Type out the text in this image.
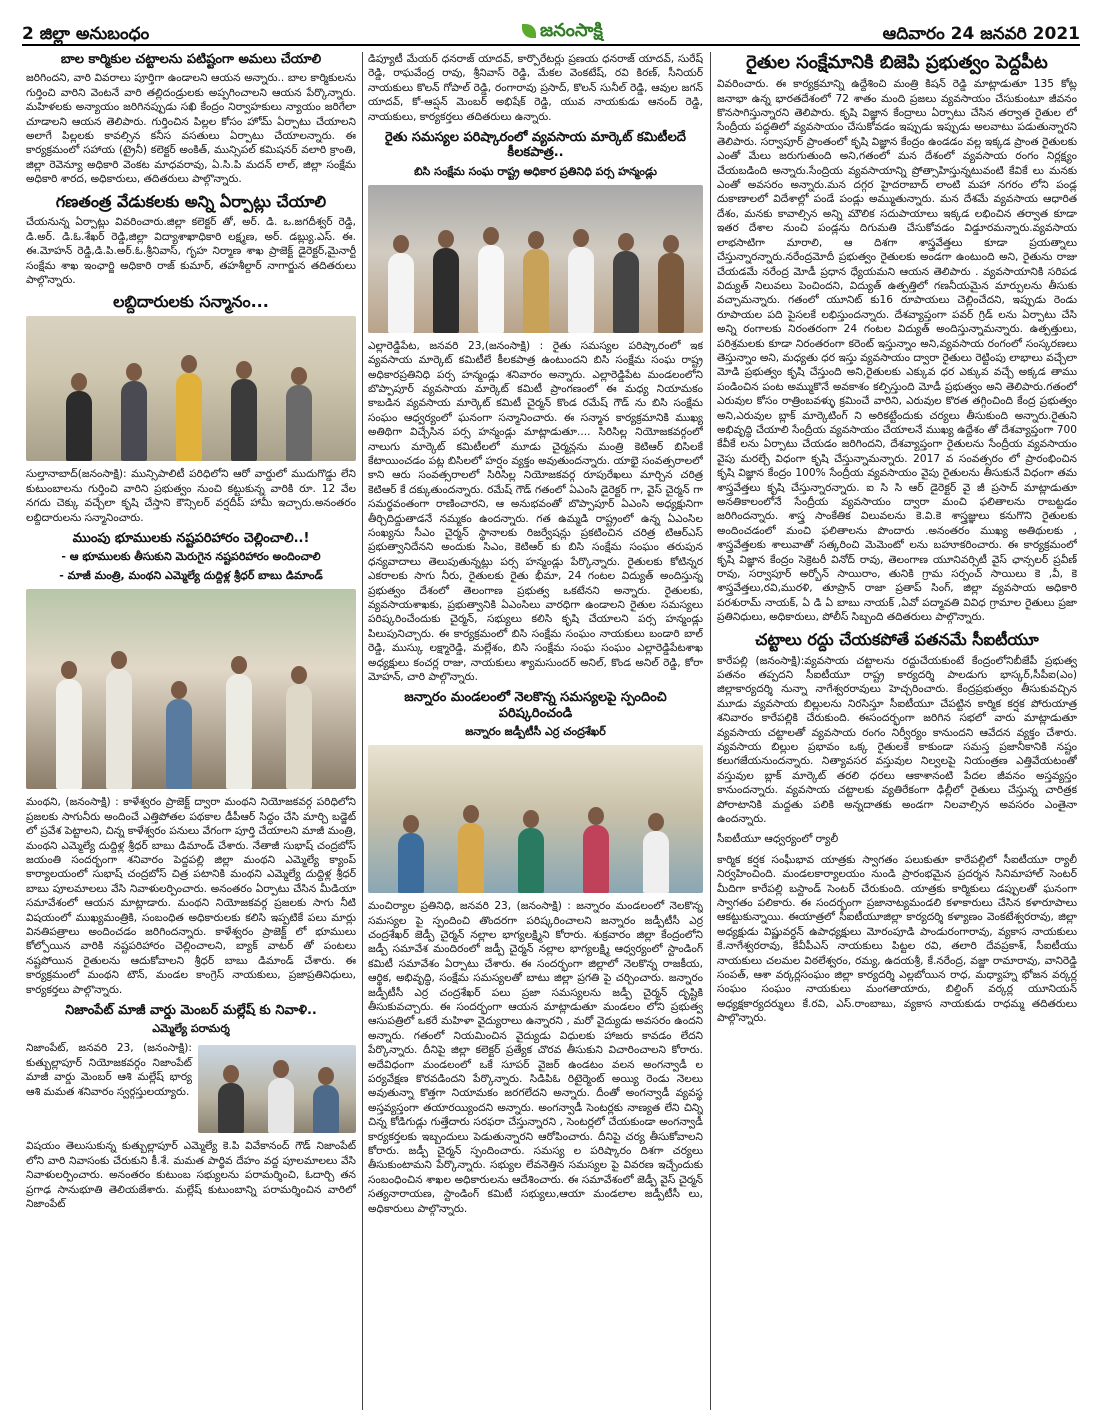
2 జిల్లా అనుబంధం	జనంసాక్షి	ఆదివారం 24 జనవరి 2021
బాల కార్మికుల చట్టాలను పటిష్టంగా అమలు చేయాలి
జరిగిందని, వారి వివరాలు పూర్తిగా ఉండాలని ఆయన అన్నారు.. బాల కార్మికులను గుర్తించి వారిని వెంటనే వారి తల్లిదండ్రులకు అప్పగించాలని ఆయన పేర్కొన్నారు. మహిళలకు అన్యాయం జరిగినప్పుడు సఖి కేంద్రం నిర్వాహకులు న్యాయం జరిగేలా చూడాలని ఆయన తెలిపారు. గుర్తించిన పిల్లల కోసం హోమ్ ఏర్పాటు చేయాలని అలాగే పిల్లలకు కావల్సిన కనీస వసతులు ఏర్పాటు చేయాలన్నారు. ఈ కార్యక్రమంలో సహాయ (ట్రైనీ) కలెక్టర్ అంకిత్, మున్సిపల్ కమిషనర్ వలారి క్రాంతి, జిల్లా రెవెన్యూ అధికారి వెంకట మాధవరావు, ఏ.సి.పి మదన్ లాల్, జిల్లా సంక్షేమ అధికారి శారద, అధికారులు, తదితరులు పాల్గొన్నారు.
గణతంత్ర వేడుకలకు అన్ని ఏర్పాట్లు చేయాలి
చేయనున్న ఏర్పాట్లు వివరించారు.జిల్లా కలెక్టర్ తో, అర్. డి. ఒ.జగదీశ్వర్ రెడ్డి, డి.అర్. డి.ఓ.శేఖర్ రెడ్డి,జిల్లా విద్యాశాఖాధికారి లక్ష్మణ, అర్. డబ్ల్యు.ఎస్. ఈ. ఈ.మోహన్ రెడ్డి,డి.పి.అర్.ఓ.శ్రీనివాస్, గృహ నిర్మాణ శాఖ ప్రాజెక్ట్ డైరెక్టర్,మైనార్టీ సంక్షేమ శాఖ ఇంఛార్జి అధికారి రాజ్ కుమార్, తహశీల్దార్ నాగార్జున తదితరులు పాల్గొన్నారు.
లబ్దిదారులకు సన్మానం...
సుల్తానాబాద్(జనంసాక్షి): మున్సిపాలిటీ పరిధిలోని ఆరో వార్డులో ముదుగొడ్డు లేని కుటుంబాలను గుర్తించి వారిని ప్రభుత్వం నుంచి కట్టుకున్న వారికి రూ. 12 వేల నగదు చెక్కు వచ్చేలా కృషి చేస్తాని కౌన్సిలర్ వర్షదీప్ హామీ ఇచ్చారు.అనంతరం లబ్దిదారులను సన్మానించారు.
ముంపు భూములకు నష్టపరిహారం చెల్లించాలి..!
- ఆ భూములకు తీసుకుని మెరుగైన నష్టపరిహారం అందించాలి
- మాజీ మంత్రి, మంథని ఎమ్మెల్యే దుద్దిళ్ల శ్రీధర్ బాబు డిమాండ్
మంథని, (జనంసాక్షి) : కాళేశ్వరం ప్రాజెక్ట్ ద్వారా మంథని నియోజకవర్గ పరిధిలోని ప్రజలకు సాగునీరు అందించే ఎత్తిపోతల పథకాల డీపీఆర్ సిద్ధం చేసి మార్చి బడ్జెట్ లో ప్రవేశ పెట్టాలని, చిన్న కాళేశ్వరం పనులు వేగంగా పూర్తి చేయాలని మాజీ మంత్రి, మంథని ఎమ్మెల్యే దుద్దిళ్ల శ్రీధర్ బాబు డిమాండ్ చేశారు. నేతాజీ సుభాష్ చంద్రబోస్ జయంతి సందర్భంగా శనివారం పెద్దపల్లి జిల్లా మంథని ఎమ్మెల్యే క్యాంప్ కార్యాలయంలో సుభాష్ చంద్రబోస్ చిత్ర పటానికి మంథని ఎమ్మెల్యే దుద్దిళ్ల శ్రీధర్ బాబు పూలమాలలు వేసి నివాళులర్పించారు. అనంతరం ఏర్పాటు చేసిన మీడియా సమావేశంలో ఆయన మాట్లాడారు. మంథని నియోజకవర్గ ప్రజలకు సాగు నీటి విషయంలో ముఖ్యమంత్రికి, సంబంధిత అధికారులకు కలిసి ఇప్పటికే పలు మార్లు వినతిపత్రాలు అందించడం జరిగిందన్నారు. కాళేశ్వరం ప్రాజెక్ట్ లో భూములు కోల్పోయిన వారికి నష్టపరిహారం చెల్లించాలని, బ్యాక్ వాటర్ తో పంటలు నష్టపోయిన రైతులను ఆదుకోవాలని శ్రీధర్ బాబు డిమాండ్ చేశారు. ఈ కార్యక్రమంలో మంథని టౌన్, మండల కాంగ్రెస్ నాయకులు, ప్రజాప్రతినిధులు, కార్యకర్తలు పాల్గొన్నారు.
నిజాంపేట్ మాజీ వార్డు మెంబర్ మల్లేష్ కు నివాళి..
ఎమ్మెల్యే పరామర్శ
నిజాంపేట్, జనవరి 23, (జనంసాక్షి): కుత్బుల్లాపూర్ నియోజకవర్గం నిజాంపేట్ మాజీ వార్డు మెంబర్ ఆశి మల్లేష్ భార్య ఆశి మమత శనివారం స్వర్గస్తులయ్యారు.
విషయం తెలుసుకున్న కుత్బుల్లాపూర్ ఎమ్మెల్యే కె.పి వివేకానంద్ గౌడ్ నిజాంపేట్ లోని వారి నివాసంకు చేరుకుని కీ.శే. మమత పార్థివ దేహం వద్ద పూలమాలలు వేసి నివాళులర్పించారు. అనంతరం కుటుంబ సభ్యులను పరామర్శించి, ఓదార్చి తన ప్రగాఢ సానుభూతి తెలియజేశారు. మల్లేష్ కుటుంబాన్ని పరామర్శించిన వారిలో నిజాంపేట్
డిప్యూటీ మేయర్ ధనరాజ్ యాదవ్, కార్పొరేటర్లు ప్రణయ ధనరాజ్ యాదవ్, సురేష్ రెడ్డి, రాఘవేంద్ర రావు, శ్రీనివాస్ రెడ్డి, మేకల వెంకటేష్, రవి కిరణ్, సీనియర్ నాయకులు కొలన్ గోపాల్ రెడ్డి, రంగారావు ప్రసాద్, కొలన్ సునీల్ రెడ్డి, ఆవుల జగన్ యాదవ్, కో-ఆప్షన్ మెంబర్ అభిషేక్ రెడ్డి, యువ నాయకుడు ఆనంద్ రెడ్డి, నాయకులు, కార్యకర్తలు తదితరులు ఉన్నారు.
రైతు సమస్యల పరిష్కారంలో వ్యవసాయ మార్కెట్ కమిటీలదే కీలకపాత్ర..
బిసి సంక్షేమ సంఘ రాష్ట్ర అధికార ప్రతినిధి పర్స హన్మండ్లు
ఎల్లారెడ్డిపేట, జనవరి 23,(జనంసాక్షి) : రైతు సమస్యల పరిష్కారంలో ఇక వ్యవసాయ మార్కెట్ కమిటీలే కీలకపాత్ర ఉంటుందని బిసి సంక్షేమ సంఘ రాష్ట్ర అధికారప్రతినిధి పర్స హన్మండ్లు శనివారం అన్నారు. ఎల్లారెడ్డిపేట మండలంలోని బొప్పాపూర్ వ్యవసాయ మార్కెట్ కమిటీ ప్రాంగణంలో ఈ మధ్య నియామకం కాబడిన వ్యవసాయ మార్కెట్ కమిటీ చైర్మన్ కొండ రమేష్ గౌడ్ ను బిసి సంక్షేమ సంఘం ఆధ్వర్యంలో ఘనంగా సన్మానించారు. ఈ సన్మాన కార్యక్రమానికి ముఖ్య అతిథిగా విచ్చేసిన పర్స హన్మండ్లు మాట్లాడుతూ.... సిరిసిల్ల నియోజకవర్గంలో నాలుగు మార్కెట్ కమిటీలలో మూడు చైర్మన్లను మంత్రి కెటిఆర్ బిసిలకే కేటాయించడం పట్ల బిసిలలో హర్షం వ్యక్తం అవుతుందన్నారు. యాభై సంవత్సరాలలో కాని ఆరు సంవత్సరాలలో సిరిసిల్ల నియోజకవర్గ రూపురేఖలు మార్చిన చరిత్ర కెటిఆర్ కే దక్కుతుందన్నారు. రమేష్ గౌడ్ గతంలో ఏఎంసి డైరెక్టర్ గా, వైస్ చైర్మన్ గా సమర్థవంతంగా రాణించారని, ఆ అనుభవంతో బొప్పాపూర్ ఏఎంసి అధ్యక్షునిగా తీర్చిదిద్దుతాడనే నమ్మకం ఉందన్నారు. గత ఉమ్మడి రాష్ట్రంలో ఉన్న ఏఎంసిల సంఖ్యను సీఎం చైర్మన్ స్థానాలకు రిజర్వేషన్లు ప్రకటించిన చరిత్ర టిఆర్ఎస్ ప్రభుత్వానిదేనని అందుకు సిఎం, కెటిఆర్ కు బిసి సంక్షేమ సంఘం తరుపున ధన్యవాదాలు తెలుపుతున్నట్లు పర్స హన్మండ్లు పేర్కొన్నారు. రైతులకు కోటిన్నర ఎకరాలకు సాగు నీరు, రైతులకు రైతు భీమా, 24 గంటల విద్యుత్ అందిస్తున్న ప్రభుత్వం దేశంలో తెలంగాణ ప్రభుత్వ ఒకటేనని అన్నారు. రైతులకు, వ్యవసాయశాఖకు, ప్రభుత్వానికి ఏఎంసిలు వారధిగా ఉండాలని రైతుల సమస్యలు పరిష్కరించేందుకు చైర్మన్, సభ్యులు కలిసి కృషి చేయాలని పర్స హన్మండ్లు పిలుపునిచ్చారు. ఈ కార్యక్రమంలో బిసి సంక్షేమ సంఘం నాయకులు బండారి బాల్ రెడ్డి, ముస్కు లక్ష్మారెడ్డి, మల్లేశం, బిసి సంక్షేమ సంఘ సంఘం ఎల్లారెడ్డిపేటశాఖ అధ్యక్షులు కంచర్ల రాజు, నాయకులు శ్యామసుందర్ అనిల్, కొండ అనిల్ రెడ్డి, కోరా మోహన్, చారి పాల్గొన్నారు.
జన్నారం మండలంలో నెలకొన్న సమస్యలపై స్పందించి పరిష్కరించండి
జన్నారం జడ్పీటీసీ ఎర్ర చంద్రశేఖర్
మంచిర్యాల ప్రతినిధి, జనవరి 23, (జనంసాక్షి) : జన్నారం మండలంలో నెలకొన్న సమస్యల పై స్పందించి తొందరగా పరిష్కరించాలని జన్నారం జడ్పీటీసీ ఎర్ర చంద్రశేఖర్ జెడ్పీ చైర్మన్ నల్లాల భాగ్యలక్ష్మిని కోరారు. శుక్రవారం జిల్లా కేంద్రంలోని జడ్పీ సమావేశ మందిరంలో జడ్పీ చైర్మన్ నల్లాల భాగ్యలక్ష్మి ఆధ్వర్యంలో స్టాండింగ్ కమిటీ సమావేశం ఏర్పాటు చేశారు. ఈ సందర్భంగా జిల్లాలో నెలకొన్న రాజకీయ, ఆర్థిక, అభివృద్ధి, సంక్షేమ సమస్యలతో బాటు జిల్లా ప్రగతి పై చర్చించారు. జన్నారం జడ్పీటీసీ ఎర్ర చంద్రశేఖర్ పలు ప్రజా సమస్యలను జడ్పీ చైర్మన్ దృష్టికి తీసుకువచ్చారు. ఈ సందర్భంగా ఆయన మాట్లాడుతూ మండలం లోని ప్రభుత్వ ఆసుపత్రిలో ఒకరే మహిళా వైద్యురాలు ఉన్నారని , మరో వైద్యుడు అవసరం ఉందని అన్నారు. గతంలో నియమించిన వైద్యుడు విధులకు హాజరు కావడం లేదని పేర్కొన్నారు. దీనిపై జిల్లా కలెక్టర్ ప్రత్యేక చొరవ తీసుకుని విచారించాలని కోరారు. అదేవిధంగా మండలంలో ఒకే సూపర్ వైజర్ ఉండటం వలన అంగన్వాడీ ల పర్యవేక్షణ కొరవడిందని పేర్కొన్నారు. సిడిపిఓ రిటైర్మెంట్ అయ్యి రెండు నెలలు అవుతున్నా కొత్తగా నియామకం జరగలేదని అన్నారు. దీంతో అంగన్వాడీ వ్యవస్థ అస్తవ్యస్తంగా తయారయ్యిందని అన్నారు. అంగన్వాడీ సెంటర్లకు నాణ్యత లేని చిన్ని చిన్న కోడిగుడ్లు గుత్తేదారు సరఫరా చేస్తున్నారని , సెంటర్లలో చేయకుండా అంగన్వాడీ కార్యకర్తలకు ఇబ్బందులు పెడుతున్నారని ఆరోపించారు. దీనిపై చర్య తీసుకోవాలని కోరారు. జడ్పీ చైర్మన్ స్పందించారు. సమస్య ల పరిష్కారం దిశగా చర్యలు తీసుకుంటామని పేర్కొన్నారు. సభ్యుల లేవనెత్తిన సమస్యల పై వివరణ ఇచ్చేందుకు సంబంధించిన శాఖల అధికారులను ఆదేశించారు. ఈ సమావేశంలో జెడ్పీ వైస్ చైర్మన్ సత్యనారాయణ, స్టాండింగ్ కమిటీ సభ్యులు,ఆయా మండలాల జడ్పీటీసీ లు, అధికారులు పాల్గొన్నారు.
రైతుల సంక్షేమానికి బిజెపి ప్రభుత్వం పెద్దపీట
వివరించారు. ఈ కార్యక్రమాన్ని ఉద్దేశించి మంత్రి కిషన్ రెడ్డి మాట్లాడుతూ 135 కోట్ల జనాభా ఉన్న భారతదేశంలో 72 శాతం మంది ప్రజలు వ్యవసాయం చేసుకుంటూ జీవనం కొనసాగిస్తున్నారని తెలిపారు. కృషి విజ్ఞాన కేంద్రాలు ఏర్పాటు చేసిన తర్వాత రైతుల లో సేంద్రీయ పద్ధతిలో వ్యవసాయం చేసుకోవడం ఇప్పుడు ఇప్పుడు అలవాటు పడుతున్నారని తెలిపారు. సర్వాపూర్ ప్రాంతంలో కృషి విజ్ఞాన కేంద్రం ఉండడం వల్ల ఇక్కడ ప్రాంత రైతులకు ఎంతో మేలు జరుగుతుంది అని,గతంలో మన దేశంలో వ్యవసాయ రంగం నిర్లక్ష్యం చేయబడింది అన్నారు.సేంద్రియ వ్యవసాయాన్ని ప్రోత్సాహిస్తున్నటువంటి కేవికే లు మనకు ఎంతో అవసరం అన్నారు.మన దగ్గర హైదరాబాద్ లాంటి మహా నగరం లోని పండ్ల దుకాణాలలో విదేశాల్లో పండే పండ్లు అమ్ముతున్నారు. మన దేశమే వ్యవసాయ ఆధారిత దేశం, మనకు కావాల్సిన అన్ని మౌలిక సదుపాయాలు ఇక్కడ లభించిన తర్వాత కూడా ఇతర దేశాల నుంచి పండ్లను దిగుమతి చేసుకోవడం విడ్డూరమన్నారు.వ్యవసాయ లాభసాటిగా మారాలి, ఆ దిశగా శాస్త్రవేత్తలు కూడా ప్రయత్నాలు చేస్తున్నారన్నారు.నరేంద్రమోదీ ప్రభుత్వం రైతులకు అండగా ఉంటుంది అని, రైతును రాజు చేయడమే నరేంద్ర మోడీ ప్రధాన ధ్యేయమని ఆయన తెలిపారు . వ్యవసాయానికి సరిపడ విద్యుత్ నిలువలు పెంచిందని, విద్యుత్ ఉత్పత్తిలో గణనీయమైన మార్పులను తీసుకు వచ్చామన్నారు. గతంలో యూనిట్ కు16 రూపాయలు చెల్లించేదని, ఇప్పుడు రెండు రూపాయల పది పైసలకే లభిస్తుందన్నారు. దేశవ్యాప్తంగా పవర్ గ్రిడ్ లను ఏర్పాటు చేసి అన్ని రంగాలకు నిరంతరంగా 24 గంటల విద్యుత్ అందిస్తున్నామన్నారు. ఉత్పత్తులు, పరిశ్రమలకు కూడా నిరంతరంగా కరెంట్ ఇస్తున్నాం అని,వ్యవసాయ రంగంలో సంస్కరణలు తెస్తున్నాం అని, మధ్యతు ధర ఇస్తు వ్యవసాయం ద్వారా రైతులు రెట్టింపు లాభాలు వచ్చేలా మోడి ప్రభుత్వం కృషి చేస్తుంది అని,రైతులకు ఎక్కువ ధర ఎక్కువ వచ్చే అక్కడ తాము పండించిన పంట అమ్ముకొనే అవకాశం కల్పిస్తుంది మోడీ ప్రభుత్వం అని తెలిపారు.గతంలో ఎరువుల కోసం రాత్రింబవళ్ళు క్రమించే వారిని, ఎరువుల కొరత తగ్గించింది కేంద్ర ప్రభుత్వం అని,ఎరువుల బ్లాక్ మార్కెటింగ్ ని అరికట్టేందుకు చర్యలు తీసుకుంది అన్నారు.రైతుని అభివృద్ధి చేయాలి సేంద్రీయ వ్యవసాయం చేయాలనే ముఖ్య ఉద్దేశం తో దేశవ్యాప్తంగా 700 కేవీకే లను ఏర్పాటు చేయడం జరిగిందని, దేశవ్యాప్తంగా రైతులను సేంద్రీయ వ్యవసాయం వైపు మరల్చే విధంగా కృషి చేస్తున్నామన్నారు. 2017 వ సంవత్సరం లో ప్రారంభించిన కృషి విజ్ఞాన కేంద్రం 100% సేంద్రీయ వ్యవసాయం వైపు రైతులను తీసుకునే విధంగా తమ శాస్త్రవేత్తలు కృషి చేస్తున్నారన్నారు. ఐ సి సి ఆర్ డైరెక్టర్ వై జీ ప్రసాద్ మాట్లాడుతూ అనతికాలంలోనే సేంద్రీయ వ్యవసాయం ద్వారా మంచి ఫలితాలను రాబట్టడం జరిగిందన్నారు. శాస్త్ర సాంకేతిక విలువలను కె.వి.కె శాస్త్రజ్ఞులు కనుగొని రైతులకు అందించడంలో మంచి ఫలితాలను పొందారు .అనంతరం ముఖ్య అతిథులకు , శాస్త్రవేత్తలకు శాలువాతో సత్కరించి మెమెంటో లను బహూకరించారు. ఈ కార్యక్రమంలో కృషి విజ్ఞాన కేంద్రం సెక్రెటరీ వినోద్ రావు, తెలంగాణ యూనివర్సిటీ వైస్ ఛాన్సలర్ ప్రవీణ్ రావు, సర్వాపూర్ అర్బోన్ సాయిరాం, తునికి గ్రామ సర్పంచ్ సాయిలు కె ,వీ, కె శాస్త్రవేత్తలు,రవి,మురళి, తూప్రాన్ రాజా ప్రతాప్ సింగ్, జిల్లా వ్యవసాయ అధికారి పరశురామ్ నాయక్, ఏ డి ఏ బాబు నాయక్ ,ఏవో పద్మావతి వివిధ గ్రామాల రైతులు ప్రజా ప్రతినిధులు, అధికారులు, పోలీస్ సిబ్బంది తదితరులు పాల్గొన్నారు.
చట్టాలు రద్దు చేయకపోతే పతనమే సీఐటీయూ
కారేపల్లి (జనంసాక్షి):వ్యవసాయ చట్టాలను రద్దుచేయకుంటే కేంద్రంలోనిబీజేపీ ప్రభుత్వ పతనం తప్పదని సీఐటీయూ రాష్ట్ర కార్యదర్శి పాలడుగు భాస్కర్,సీపీఐ(ఎం) జిల్లాకార్యదర్శి నున్నా నాగేశ్వరరావులు హెచ్చరించారు. కేంద్రప్రభుత్వం తీసుకువచ్చిన మూడు వ్యవసాయ బిల్లులను నిరసిస్తూ సీఐటీయూ చేపట్టిన కార్మిక కర్షక పోరుయాత్ర శనివారం కారేపల్లికి చేరుకుంది. ఈసందర్భంగా జరిగిన సభలో వారు మాట్లాడుతూ వ్యవసాయ చట్టాలతో వ్యవసాయ రంగం నిర్వీర్యం కానుందని ఆవేదన వ్యక్తం చేశారు. వ్యవసాయ బిల్లుల ప్రభావం ఒక్క రైతులకే కాకుండా సమస్త ప్రజానీకానికి నష్టం కలుగజేయనుందన్నారు. నిత్యావసర వస్తువుల నిల్వలపై నియంత్రణ ఎత్తివేయటంతో వస్తువుల బ్లాక్ మార్కెట్ తరలి ధరలు ఆకాశానంటి పేదల జీవనం అస్తవ్యస్తం కానుందన్నారు. వ్యవసాయ చట్టాలకు వ్యతిరేకంగా ఢిల్లీలో రైతులు చేస్తున్న చారిత్రక పోరాటానికి మద్దతు పలికి అన్నదాతకు అండగా నిలవాల్సిన అవసరం ఎంతైనా ఉందన్నారు.
సీఐటీయూ ఆధ్వర్యంలో ర్యాలీ
కార్మిక కర్షక సంఘీభావ యాత్రకు స్వాగతం పలుకుతూ కారేపల్లిలో సీఐటీయూ ర్యాలీ నిర్వహించింది. మండలకార్యాలయం నుండి ప్రారంభమైన ప్రదర్శన సినిమాహాల్ సెంటర్ మీదిగా కారేపల్లి బస్టాండ్ సెంటర్ చేరుకుంది. యాత్రకు కార్మికులు డప్పులతో ఘనంగా స్వాగతం పలికారు. ఈ సందర్భంగా ప్రజానాట్యమండలి కళాకారులు చేసిన కళారూపాలు ఆకట్టుకున్నాయి. ఈయాత్రలో సీఐటీయూజిల్లా కార్యదర్శి కళ్యాణం వెంకటేశ్వరరావు, జిల్లా అధ్యక్షుడు విష్ణువర్ధన్ ఉపాధ్యక్షులు మోరంపూడి పాండురంగారావు, వ్యకాస నాయకులు కే.నాగేశ్వరరావు, కేవీపీఎస్ నాయకులు పిట్టల రవి, తలారి దేవప్రకాశ్, సీఐటీయు నాయకులు చలమల విఠలేశ్వరం, రమ్య, ఉదయశ్రీ, కే.నరేంద్ర, వజ్జా రామారావు, వానిరెడ్డి సంపత్, ఆశా వర్కర్లసంఘం జిల్లా కార్యదర్శి ఎల్లబోయిన రాధ, మధ్యాహ్న భోజన వర్కర్ల సంఘం సంఘం నాయకులు మంగతాయారు, బిల్డింగ్ వర్కర్ల యూనియన్ అధ్యక్షకార్యదర్శులు కే.రవి, ఎస్.రాంబాబు, వ్యకాస నాయకుడు రాధమ్మ తదితరులు పాల్గొన్నారు.
